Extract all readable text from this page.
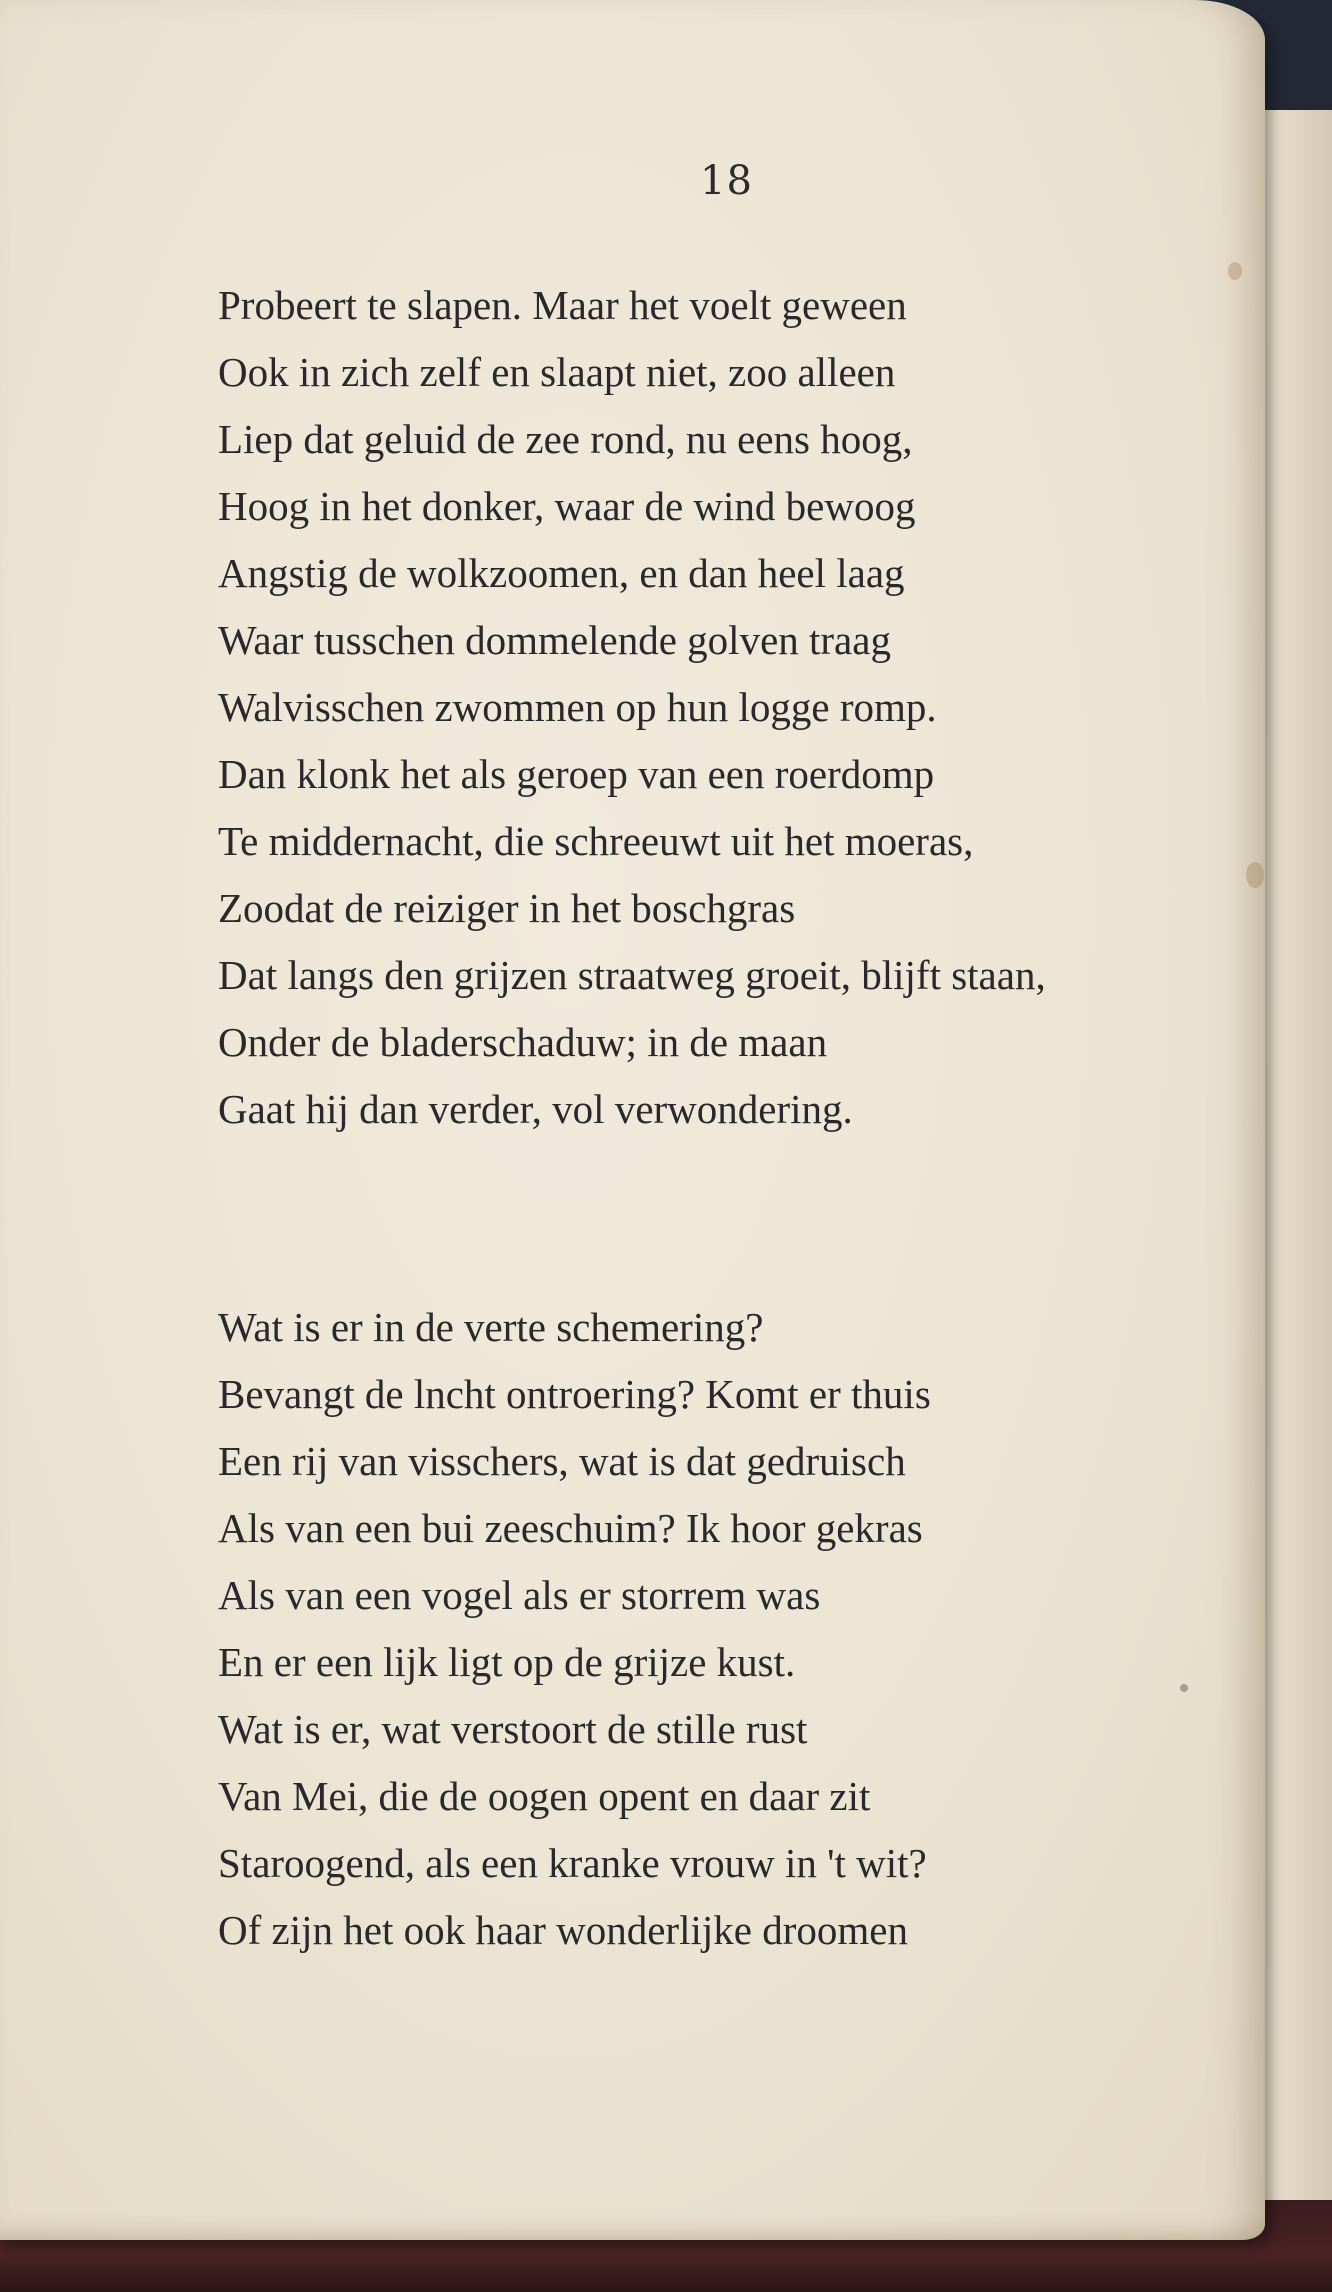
18
Probeert te slapen. Maar het voelt geween
Ook in zich zelf en slaapt niet, zoo alleen
Liep dat geluid de zee rond, nu eens hoog,
Hoog in het donker, waar de wind bewoog
Angstig de wolkzoomen, en dan heel laag
Waar tusschen dommelende golven traag
Walvisschen zwommen op hun logge romp.
Dan klonk het als geroep van een roerdomp
Te middernacht, die schreeuwt uit het moeras,
Zoodat de reiziger in het boschgras
Dat langs den grijzen straatweg groeit, blijft staan,
Onder de bladerschaduw; in de maan
Gaat hij dan verder, vol verwondering.
Wat is er in de verte schemering?
Bevangt de lncht ontroering? Komt er thuis
Een rij van visschers, wat is dat gedruisch
Als van een bui zeeschuim? Ik hoor gekras
Als van een vogel als er storrem was
En er een lijk ligt op de grijze kust.
Wat is er, wat verstoort de stille rust
Van Mei, die de oogen opent en daar zit
Staroogend, als een kranke vrouw in 't wit?
Of zijn het ook haar wonderlijke droomen
